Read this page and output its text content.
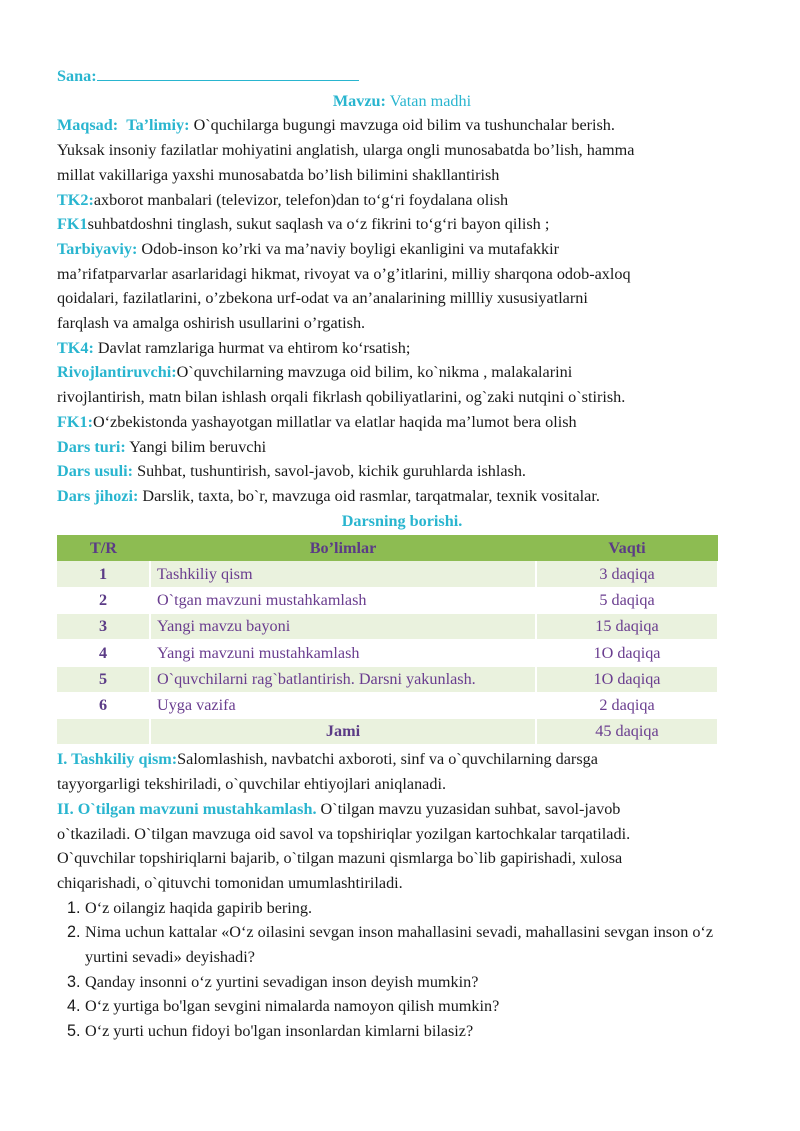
Sana:
Mavzu: Vatan madhi
Maqsad: Ta’limiy: O`quchilarga bugungi mavzuga oid bilim va tushunchalar berish.
Yuksak insoniy fazilatlar mohiyatini anglatish, ularga ongli munosabatda bo’lish, hamma
millat vakillariga yaxshi munosabatda bo’lish bilimini shakllantirish
TK2:axborot manbalari (televizor, telefon)dan to‘g‘ri foydalana olish
FK1suhbatdoshni tinglash, sukut saqlash va o‘z fikrini to‘g‘ri bayon qilish ;
Tarbiyaviy: Odob-inson ko’rki va ma’naviy boyligi ekanligini va mutafakkir
ma’rifatparvarlar asarlaridagi hikmat, rivoyat va o’g’itlarini, milliy sharqona odob-axloq
qoidalari, fazilatlarini, o’zbekona urf-odat va an’analarining millliy xususiyatlarni
farqlash va amalga oshirish usullarini o’rgatish.
TK4: Davlat ramzlariga hurmat va ehtirom ko‘rsatish;
Rivojlantiruvchi:O`quvchilarning mavzuga oid bilim, ko`nikma , malakalarini
rivojlantirish, matn bilan ishlash orqali fikrlash qobiliyatlarini, og`zaki nutqini o`stirish.
FK1:O‘zbekistonda yashayotgan millatlar va elatlar haqida ma’lumot bera olish
Dars turi: Yangi bilim beruvchi
Dars usuli: Suhbat, tushuntirish, savol-javob, kichik guruhlarda ishlash.
Dars jihozi: Darslik, taxta, bo`r, mavzuga oid rasmlar, tarqatmalar, texnik vositalar.
Darsning borishi.
T/R	Bo’limlar	Vaqti
1	Tashkiliy qism	3 daqiqa
2	O`tgan mavzuni mustahkamlash	5 daqiqa
3	Yangi mavzu bayoni	15 daqiqa
4	Yangi mavzuni mustahkamlash	1O daqiqa
5	O`quvchilarni rag`batlantirish. Darsni yakunlash.	1O daqiqa
6	Uyga vazifa	2 daqiqa
	Jami	45 daqiqa
I. Tashkiliy qism:Salomlashish, navbatchi axboroti, sinf va o`quvchilarning darsga
tayyorgarligi tekshiriladi, o`quvchilar ehtiyojlari aniqlanadi.
II. O`tilgan mavzuni mustahkamlash. O`tilgan mavzu yuzasidan suhbat, savol-javob
o`tkaziladi. O`tilgan mavzuga oid savol va topshiriqlar yozilgan kartochkalar tarqatiladi.
O`quvchilar topshiriqlarni bajarib, o`tilgan mazuni qismlarga bo`lib gapirishadi, xulosa
chiqarishadi, o`qituvchi tomonidan umumlashtiriladi.
1. O‘z oilangiz haqida gapirib bering.
2. Nima uchun kattalar «O‘z oilasini sevgan inson mahallasini sevadi, mahallasini sevgan inson o‘z yurtini sevadi» deyishadi?
3. Qanday insonni o‘z yurtini sevadigan inson deyish mumkin?
4. O‘z yurtiga bo'lgan sevgini nimalarda namoyon qilish mumkin?
5. O‘z yurti uchun fidoyi bo'lgan insonlardan kimlarni bilasiz?
